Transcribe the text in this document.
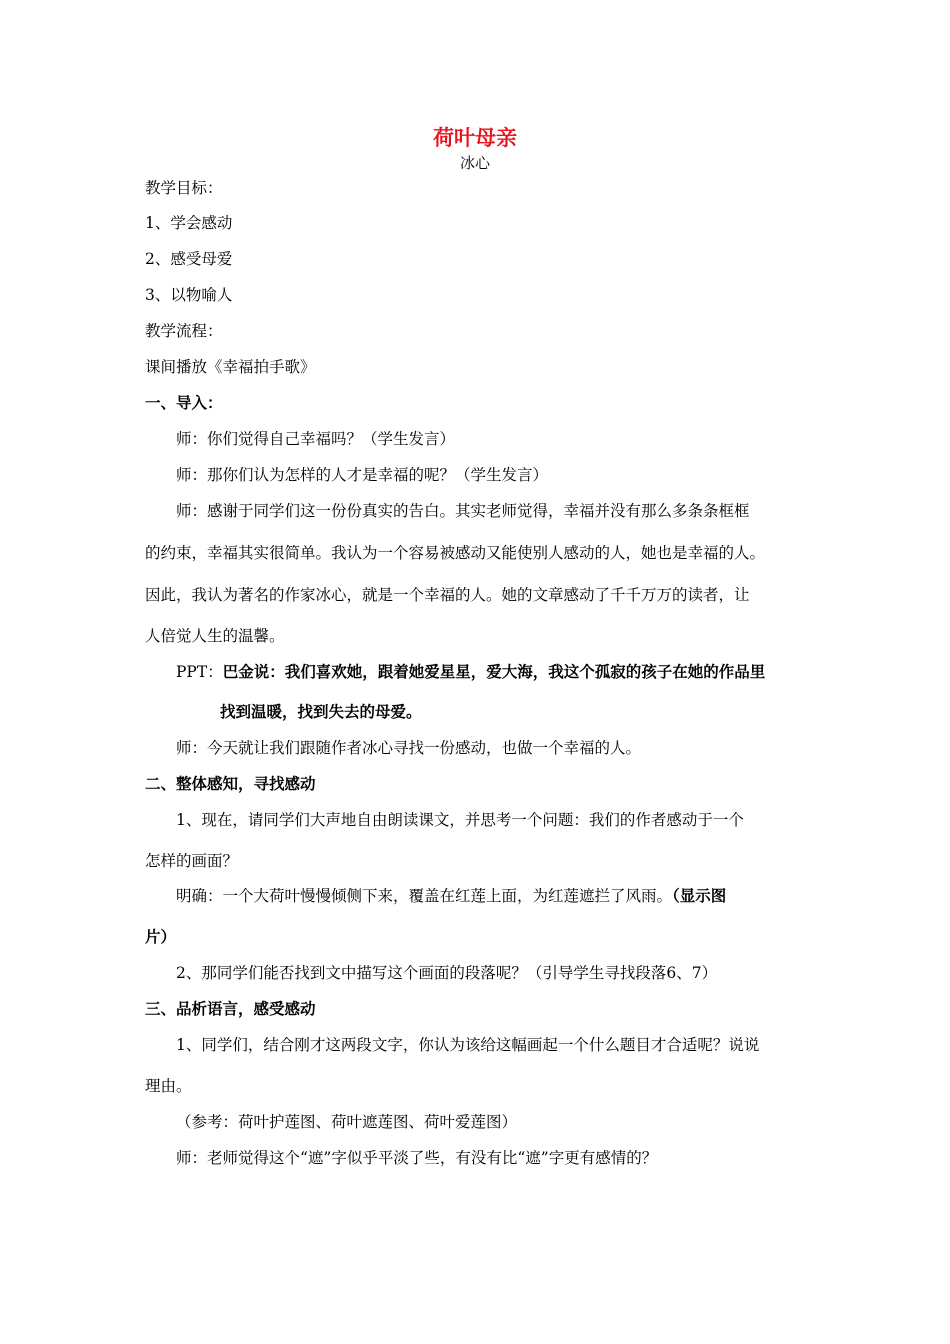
荷叶母亲
冰心
教学目标：
1、学会感动
2、感受母爱
3、以物喻人
教学流程：
课间播放《幸福拍手歌》
一、导入：
师：你们觉得自己幸福吗？（学生发言）
师：那你们认为怎样的人才是幸福的呢？（学生发言）
师：感谢于同学们这一份份真实的告白。其实老师觉得，幸福并没有那么多条条框框
的约束，幸福其实很简单。我认为一个容易被感动又能使别人感动的人，她也是幸福的人。
因此，我认为著名的作家冰心，就是一个幸福的人。她的文章感动了千千万万的读者，让
人倍觉人生的温馨。
PPT：巴金说：我们喜欢她，跟着她爱星星，爱大海，我这个孤寂的孩子在她的作品里
找到温暖，找到失去的母爱。
师：今天就让我们跟随作者冰心寻找一份感动，也做一个幸福的人。
二、整体感知，寻找感动
1、现在，请同学们大声地自由朗读课文，并思考一个问题：我们的作者感动于一个
怎样的画面？
明确：一个大荷叶慢慢倾侧下来，覆盖在红莲上面，为红莲遮拦了风雨。（显示图
片）
2、那同学们能否找到文中描写这个画面的段落呢？（引导学生寻找段落6、7）
三、品析语言，感受感动
1、同学们，结合刚才这两段文字，你认为该给这幅画起一个什么题目才合适呢？说说
理由。
（参考：荷叶护莲图、荷叶遮莲图、荷叶爱莲图）
师：老师觉得这个“遮”字似乎平淡了些，有没有比“遮”字更有感情的？
